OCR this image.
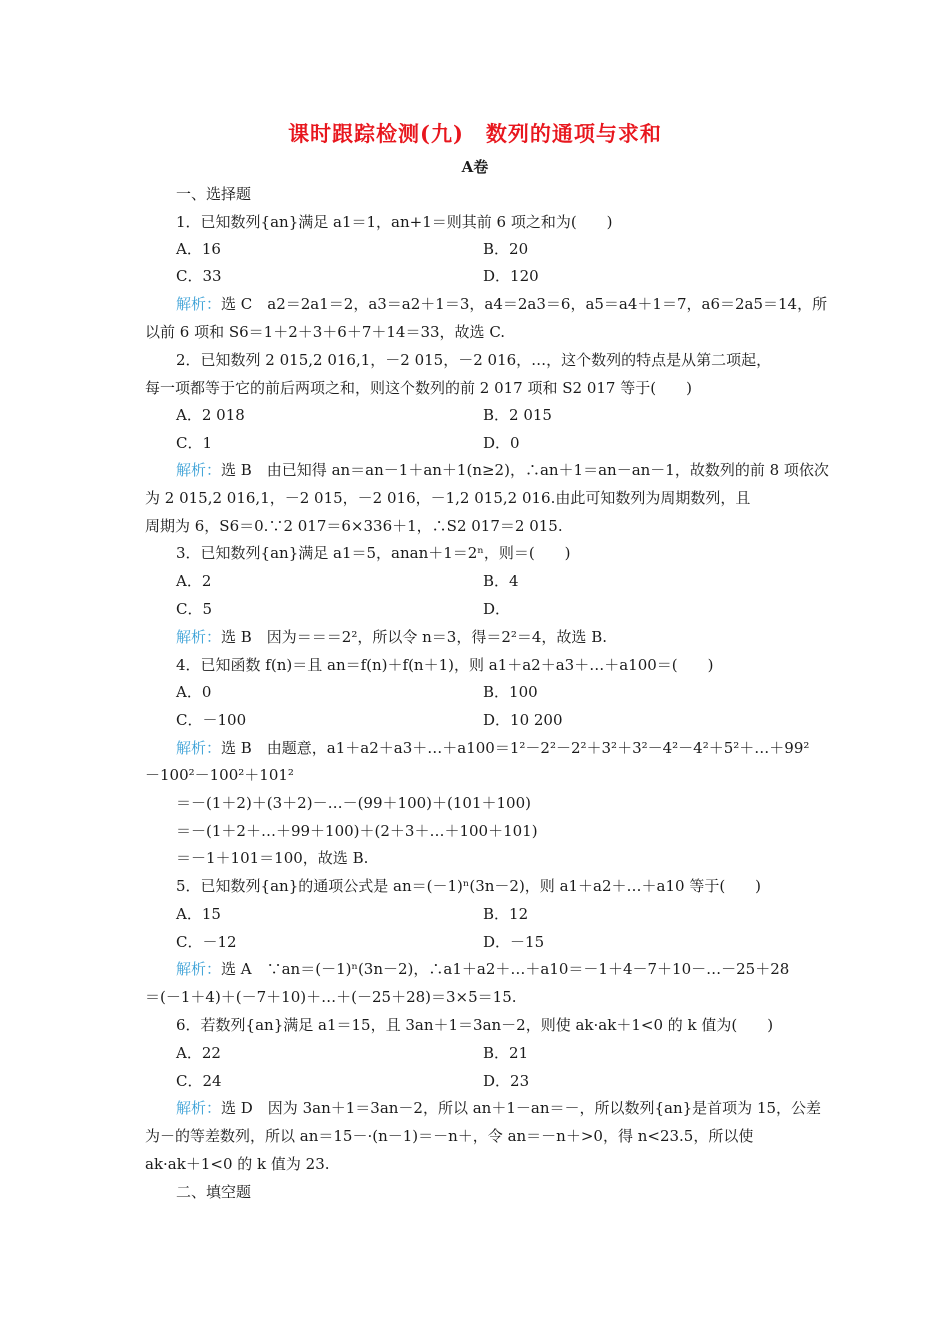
课时跟踪检测(九)　数列的通项与求和
A卷
一、选择题
1．已知数列{an}满足 a1＝1，an+1＝则其前 6 项之和为(　　)
A．16	B．20
C．33	D．120
解析：选 C　a2＝2a1＝2，a3＝a2＋1＝3，a4＝2a3＝6，a5＝a4＋1＝7，a6＝2a5＝14，所
以前 6 项和 S6＝1＋2＋3＋6＋7＋14＝33，故选 C.
2．已知数列 2 015,2 016,1，－2 015，－2 016，…，这个数列的特点是从第二项起，
每一项都等于它的前后两项之和，则这个数列的前 2 017 项和 S2 017 等于(　　)
A．2 018	B．2 015
C．1	D．0
解析：选 B　由已知得 an＝an－1＋an＋1(n≥2)，∴an＋1＝an－an－1，故数列的前 8 项依次
为 2 015,2 016,1，－2 015，－2 016，－1,2 015,2 016.由此可知数列为周期数列，且
周期为 6，S6＝0.∵2 017＝6×336＋1，∴S2 017＝2 015.
3．已知数列{an}满足 a1＝5，anan＋1＝2ⁿ，则＝(　　)
A．2	B．4
C．5	D．
解析：选 B　因为＝＝＝2²，所以令 n＝3，得＝2²＝4，故选 B.
4．已知函数 f(n)＝且 an＝f(n)＋f(n＋1)，则 a1＋a2＋a3＋…＋a100＝(　　)
A．0	B．100
C．－100	D．10 200
解析：选 B　由题意，a1＋a2＋a3＋…＋a100＝1²－2²－2²＋3²＋3²－4²－4²＋5²＋…＋99²
－100²－100²＋101²
＝－(1＋2)＋(3＋2)－…－(99＋100)＋(101＋100)
＝－(1＋2＋…＋99＋100)＋(2＋3＋…＋100＋101)
＝－1＋101＝100，故选 B.
5．已知数列{an}的通项公式是 an＝(－1)ⁿ(3n－2)，则 a1＋a2＋…＋a10 等于(　　)
A．15	B．12
C．－12	D．－15
解析：选 A　∵an＝(－1)ⁿ(3n－2)，∴a1＋a2＋…＋a10＝－1＋4－7＋10－…－25＋28
＝(－1＋4)＋(－7＋10)＋…＋(－25＋28)＝3×5＝15.
6．若数列{an}满足 a1＝15，且 3an＋1＝3an－2，则使 ak·ak＋1<0 的 k 值为(　　)
A．22	B．21
C．24	D．23
解析：选 D　因为 3an＋1＝3an－2，所以 an＋1－an＝－，所以数列{an}是首项为 15，公差
为－的等差数列，所以 an＝15－·(n－1)＝－n＋，令 an＝－n＋>0，得 n<23.5，所以使
ak·ak＋1<0 的 k 值为 23.
二、填空题
